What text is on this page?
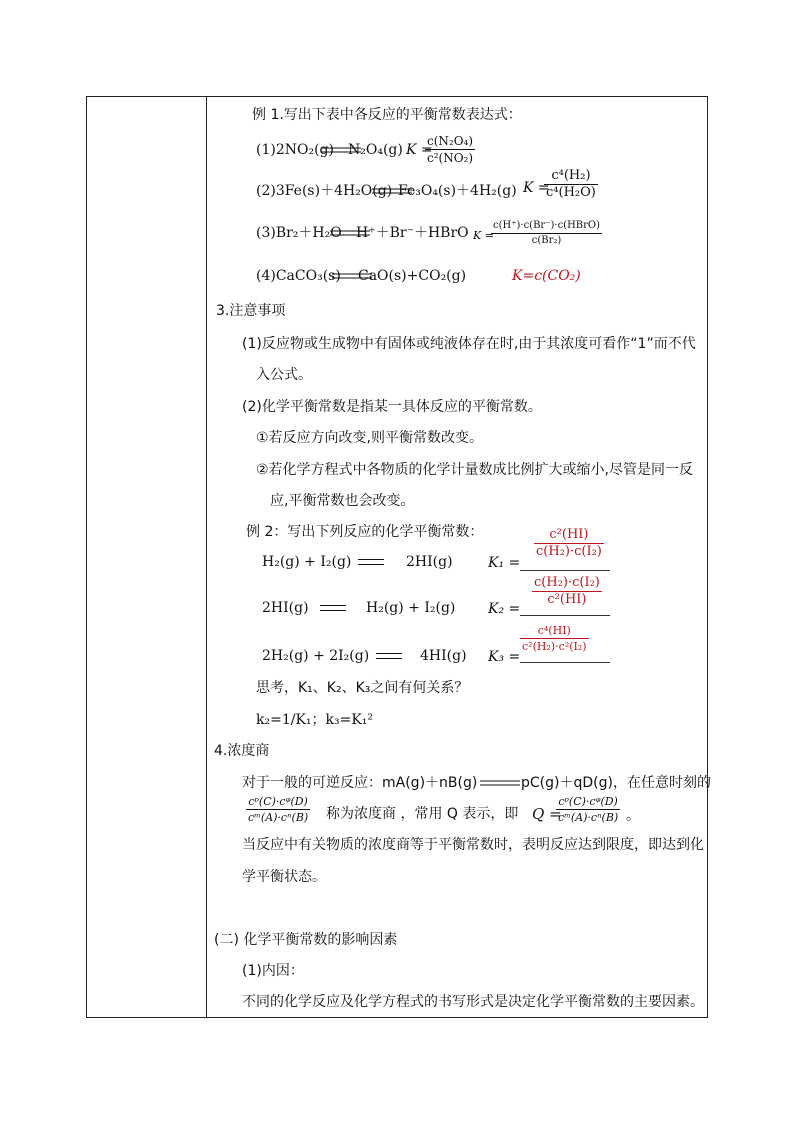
例 1.写出下表中各反应的平衡常数表达式：
(1)2NO₂(g) N₂O₄(g) K =
c(N₂O₄)
c²(NO₂)
(2)3Fe(s)＋4H₂O(g) Fe₃O₄(s)＋4H₂(g) K =
c⁴(H₂)
c⁴(H₂O)
(3)Br₂＋H₂O H⁺＋Br⁻＋HBrO K =
c(H⁺)·c(Br⁻)·c(HBrO)
c(Br₂)
(4)CaCO₃(s) CaO(s)+CO₂(g)	K=c(CO₂)
3.注意事项
(1)反应物或生成物中有固体或纯液体存在时,由于其浓度可看作“1”而不代
入公式。
(2)化学平衡常数是指某一具体反应的平衡常数。
①若反应方向改变,则平衡常数改变。
②若化学方程式中各物质的化学计量数成比例扩大或缩小,尽管是同一反
应,平衡常数也会改变。
例 2：写出下列反应的化学平衡常数：
H₂(g) + I₂(g)	2HI(g)	K₁ =
c²(HI)
c(H₂)·c(I₂)
2HI(g)	H₂(g) + I₂(g) K₂ =
c(H₂)·c(I₂)
c²(HI)
2H₂(g) + 2I₂(g)	4HI(g) K₃ =
c⁴(HI)
c²(H₂)·c²(I₂)
思考，K₁、K₂、K₃之间有何关系？
k₂=1/K₁；k₃=K₁²
4.浓度商
对于一般的可逆反应：mA(g)＋nB(g)	pC(g)＋qD(g)，在任意时刻的
cᵖ(C)·cᵠ(D)
cᵐ(A)·cⁿ(B) 称为浓度商 ，常用 Q 表示，即 Q =
cᵖ(C)·cᵠ(D)
cᵐ(A)·cⁿ(B) 。
当反应中有关物质的浓度商等于平衡常数时，表明反应达到限度，即达到化
学平衡状态。
(二) 化学平衡常数的影响因素
(1)内因：
不同的化学反应及化学方程式的书写形式是决定化学平衡常数的主要因素。
